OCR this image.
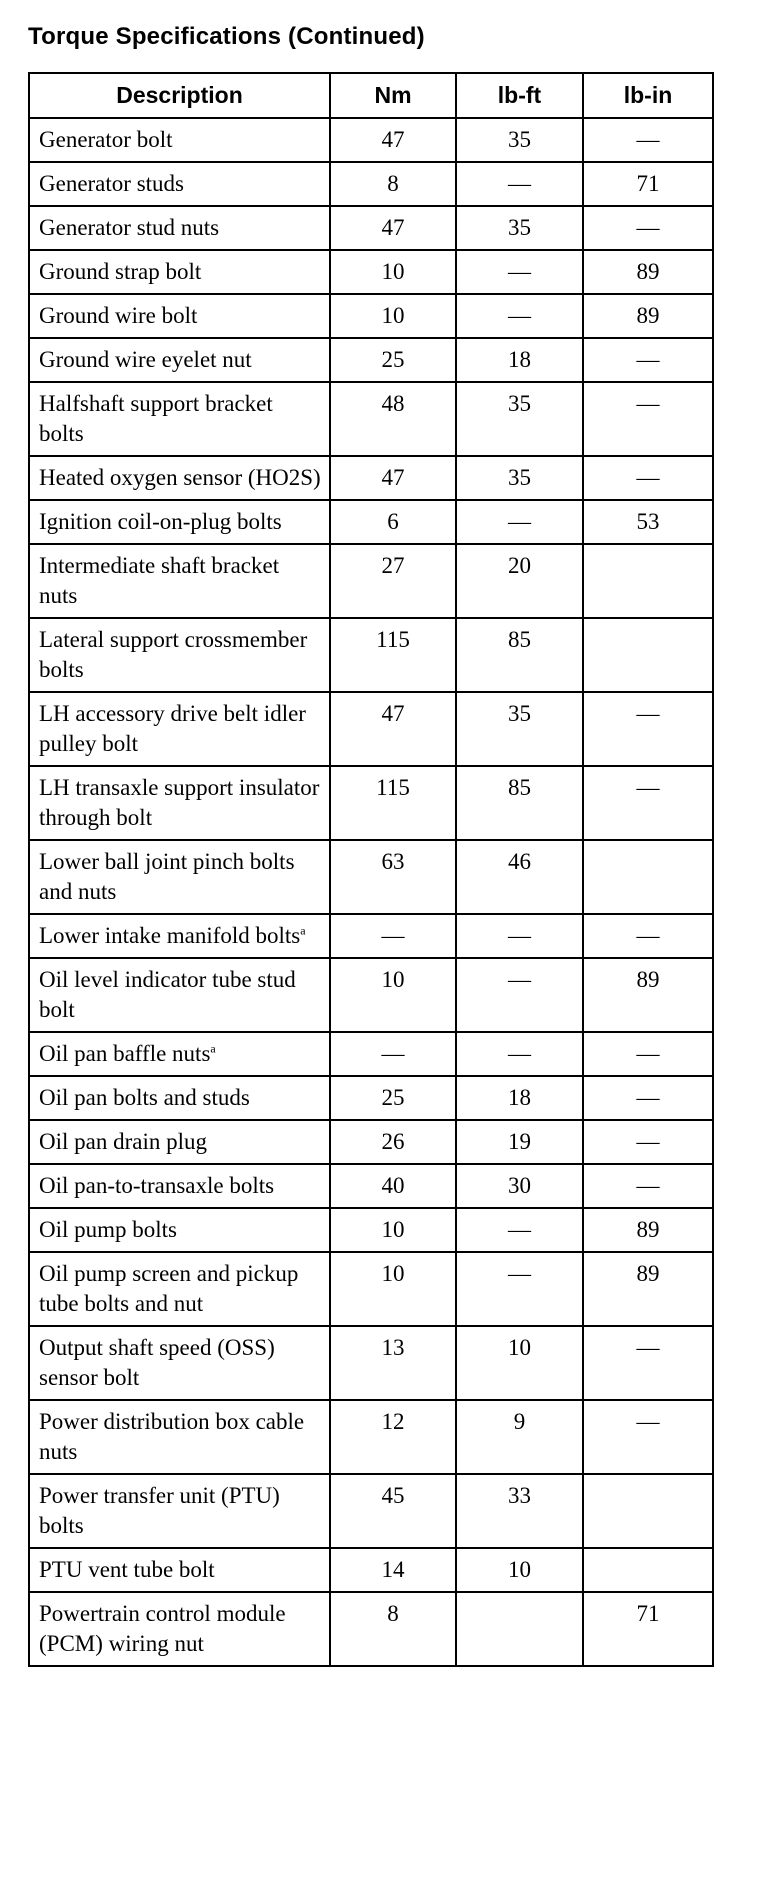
Torque Specifications (Continued)
Description	Nm	lb-ft	lb-in
Generator bolt	47	35	—
Generator studs	8	—	71
Generator stud nuts	47	35	—
Ground strap bolt	10	—	89
Ground wire bolt	10	—	89
Ground wire eyelet nut	25	18	—
Halfshaft support bracket bolts	48	35	—
Heated oxygen sensor (HO2S)	47	35	—
Ignition coil-on-plug bolts	6	—	53
Intermediate shaft bracket nuts	27	20	
Lateral support crossmember bolts	115	85	
LH accessory drive belt idler pulley bolt	47	35	—
LH transaxle support insulator through bolt	115	85	—
Lower ball joint pinch bolts and nuts	63	46	
Lower intake manifold bolts$^a$	—	—	—
Oil level indicator tube stud bolt	10	—	89
Oil pan baffle nuts$^a$	—	—	—
Oil pan bolts and studs	25	18	—
Oil pan drain plug	26	19	—
Oil pan-to-transaxle bolts	40	30	—
Oil pump bolts	10	—	89
Oil pump screen and pickup tube bolts and nut	10	—	89
Output shaft speed (OSS) sensor bolt	13	10	—
Power distribution box cable nuts	12	9	—
Power transfer unit (PTU) bolts	45	33	
PTU vent tube bolt	14	10	
Powertrain control module (PCM) wiring nut	8		71
